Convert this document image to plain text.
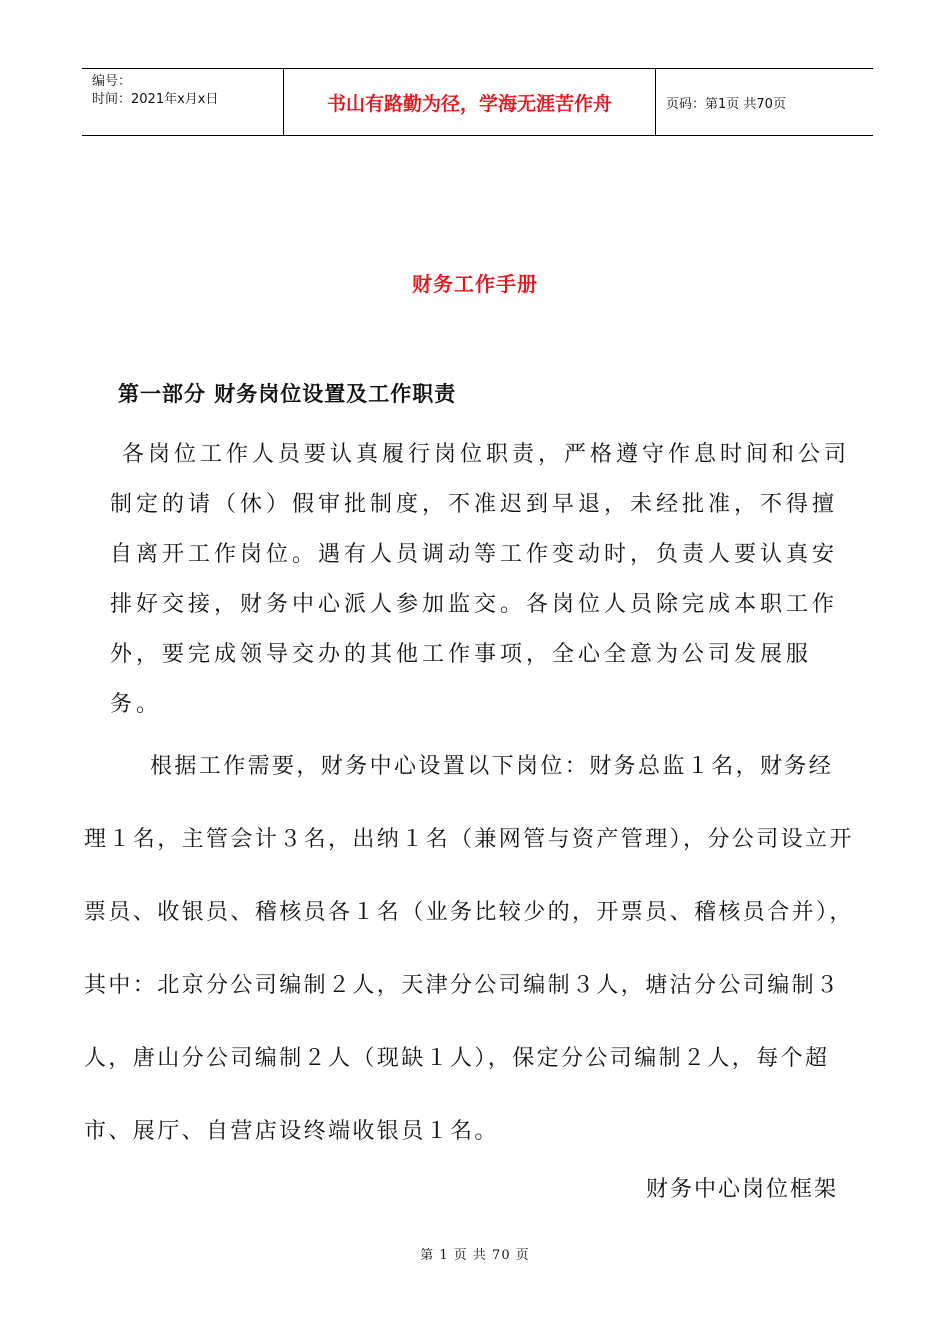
编号：
时间：2021年x月x日	书山有路勤为径，学海无涯苦作舟	页码：第1页 共70页
财务工作手册
第一部分 财务岗位设置及工作职责
各岗位工作人员要认真履行岗位职责，严格遵守作息时间和公司制定的请（休）假审批制度，不准迟到早退，未经批准，不得擅自离开工作岗位。遇有人员调动等工作变动时，负责人要认真安排好交接，财务中心派人参加监交。各岗位人员除完成本职工作外，要完成领导交办的其他工作事项，全心全意为公司发展服务。
根据工作需要，财务中心设置以下岗位：财务总监１名，财务经理１名，主管会计３名，出纳１名（兼网管与资产管理），分公司设立开票员、收银员、稽核员各１名（业务比较少的，开票员、稽核员合并），其中：北京分公司编制２人，天津分公司编制３人，塘沽分公司编制３人，唐山分公司编制２人（现缺１人），保定分公司编制２人，每个超市、展厅、自营店设终端收银员１名。
财务中心岗位框架
第 1 页 共 70 页
